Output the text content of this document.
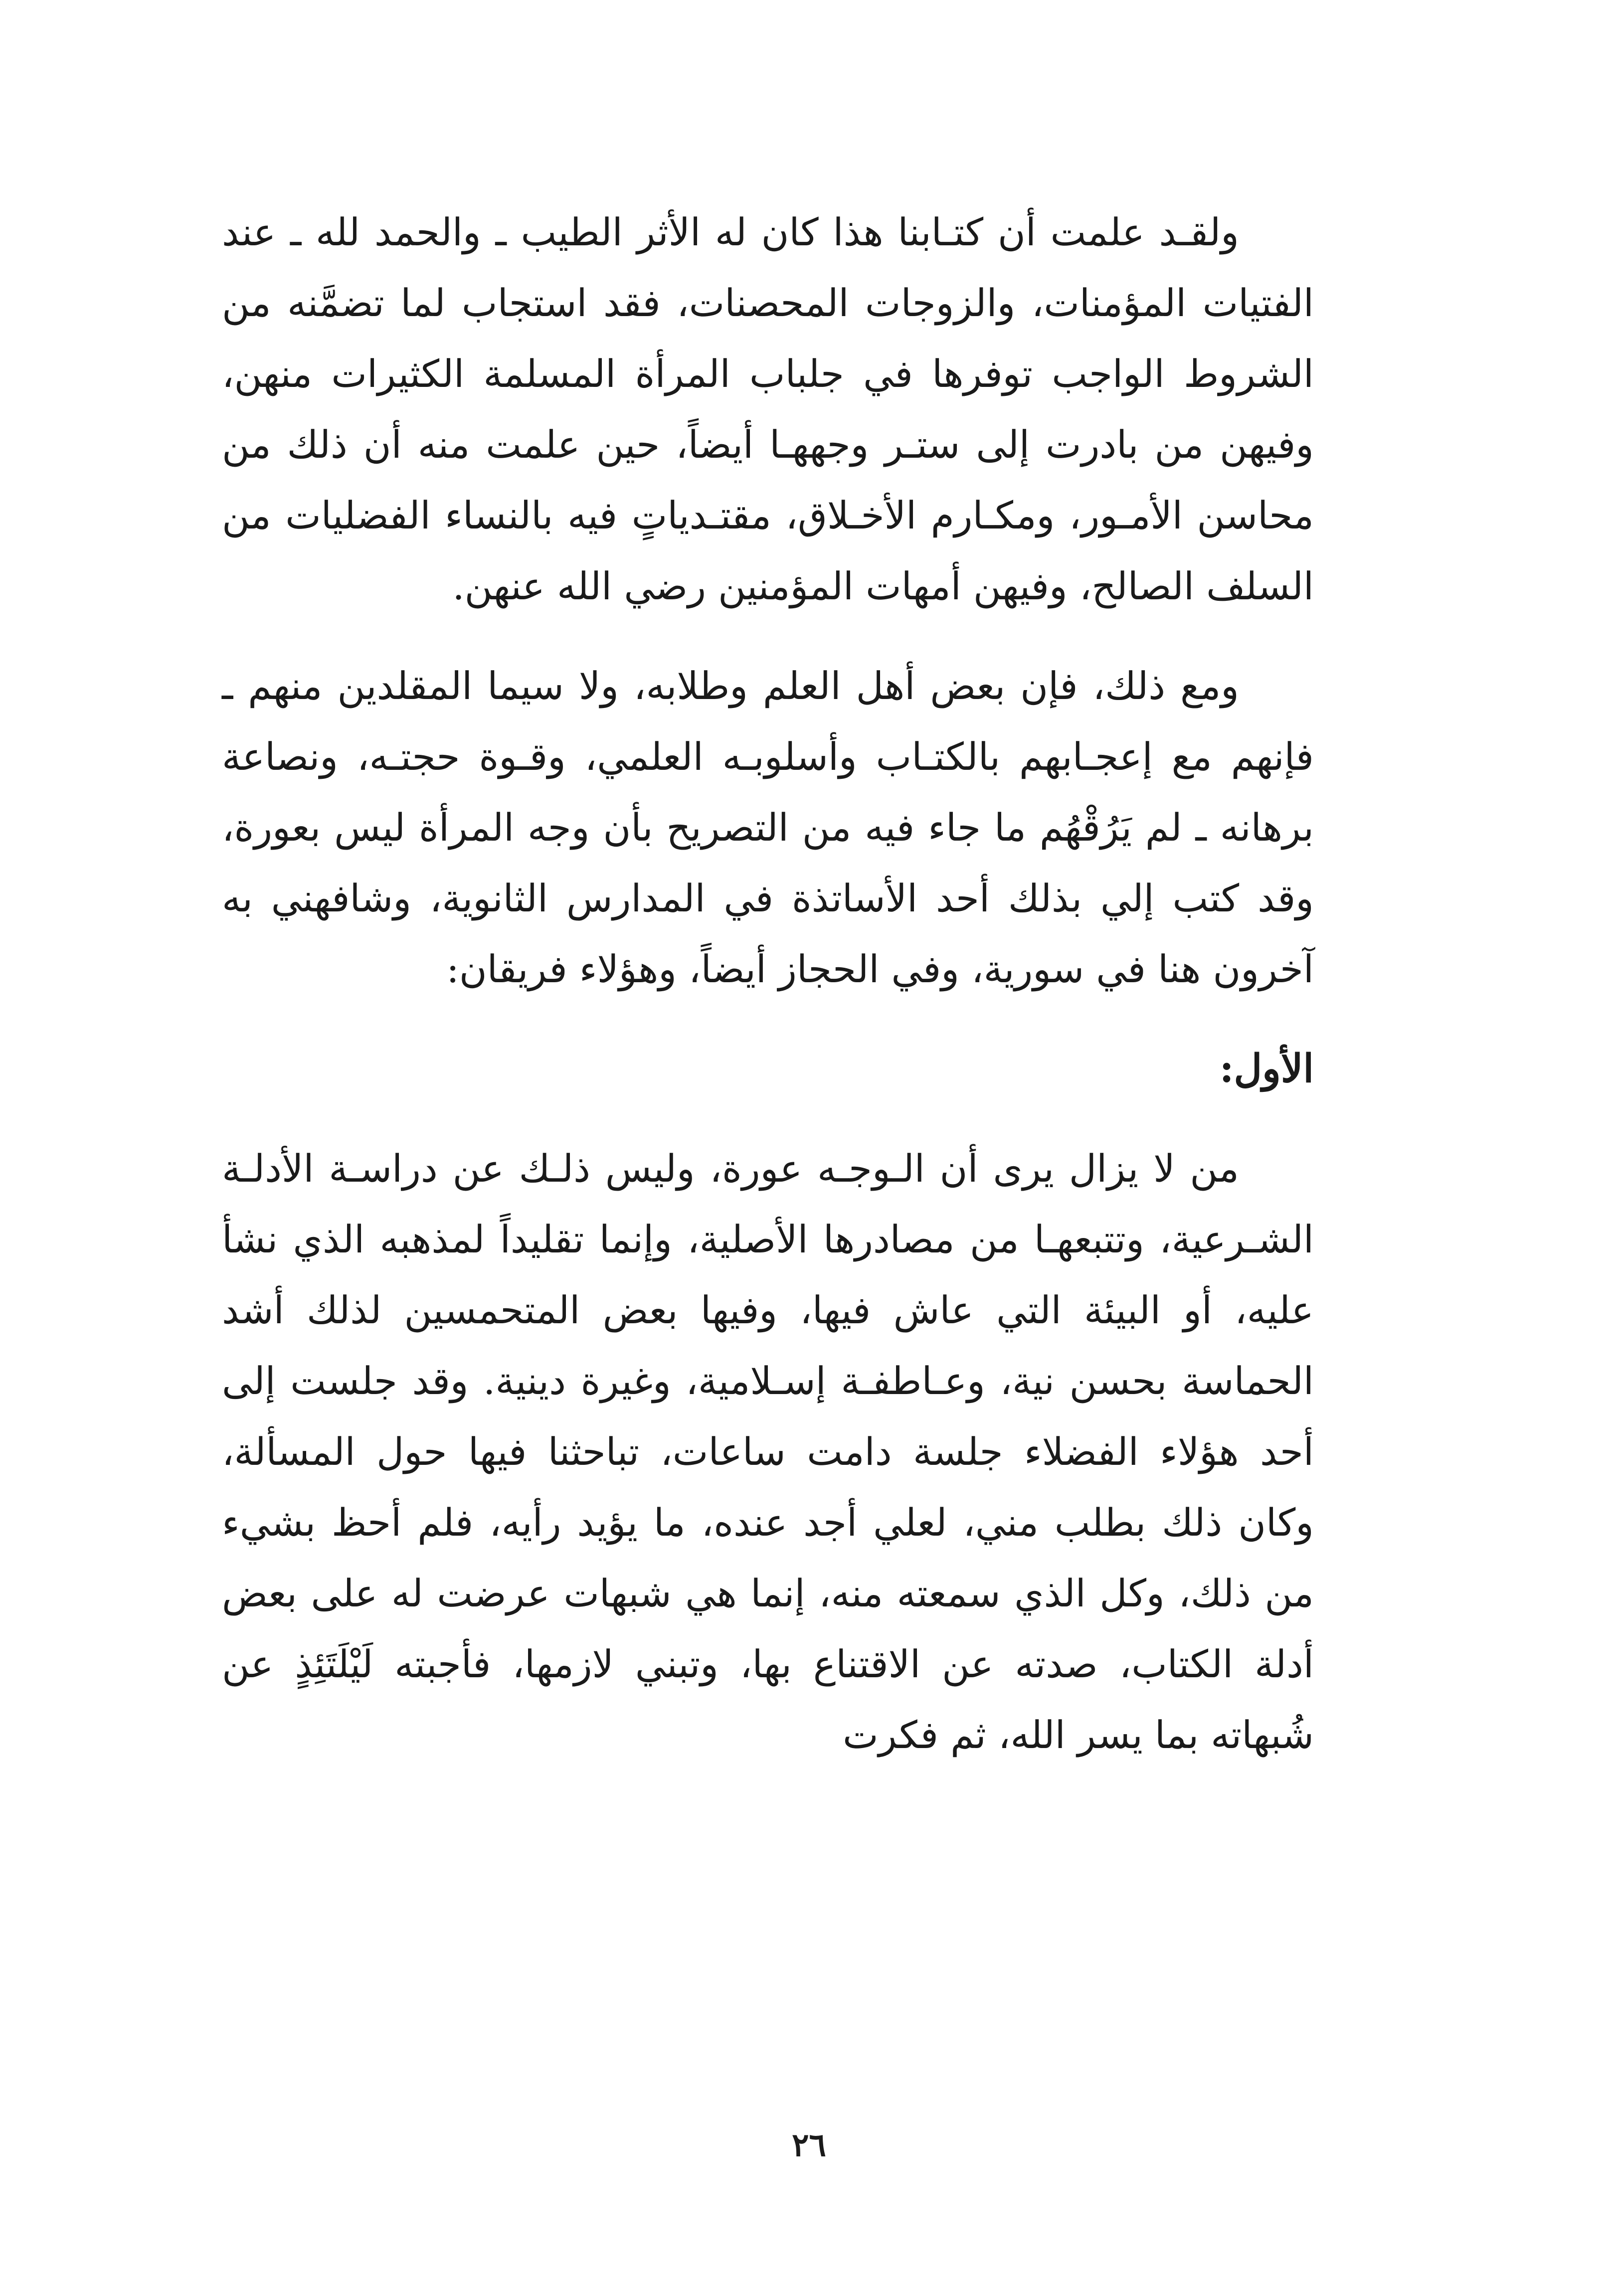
ولقـد علمت أن كتـابنا هذا كان له الأثر الطيب ـ والحمد لله ـ عند الفتيات المؤمنات، والزوجات المحصنات، فقد استجاب لما تضمَّنه من الشروط الواجب توفرها في جلباب المرأة المسلمة الكثيرات منهن، وفيهن من بادرت إلى ستـر وجههـا أيضاً، حين علمت منه أن ذلك من محاسن الأمـور، ومكـارم الأخـلاق، مقتـدياتٍ فيه بالنساء الفضليات من السلف الصالح، وفيهن أمهات المؤمنين رضي الله عنهن.

ومع ذلك، فإن بعض أهل العلم وطلابه، ولا سيما المقلدين منهم ـ فإنهم مع إعجـابهم بالكتـاب وأسلوبـه العلمي، وقـوة حجتـه، ونصاعة برهانه ـ لم يَرُقْهُم ما جاء فيه من التصريح بأن وجه المرأة ليس بعورة، وقد كتب إلي بذلك أحد الأساتذة في المدارس الثانوية، وشافهني به آخرون هنا في سورية، وفي الحجاز أيضاً، وهؤلاء فريقان:

الأول:

من لا يزال يرى أن الـوجـه عورة، وليس ذلـك عن دراسـة الأدلـة الشـرعية، وتتبعهـا من مصادرها الأصلية، وإنما تقليداً لمذهبه الذي نشأ عليه، أو البيئة التي عاش فيها، وفيها بعض المتحمسين لذلك أشد الحماسة بحسن نية، وعـاطفـة إسـلامية، وغيرة دينية. وقد جلست إلى أحد هؤلاء الفضلاء جلسة دامت ساعات، تباحثنا فيها حول المسألة، وكان ذلك بطلب مني، لعلي أجد عنده، ما يؤيد رأيه، فلم أحظ بشيء من ذلك، وكل الذي سمعته منه، إنما هي شبهات عرضت له على بعض أدلة الكتاب، صدته عن الاقتناع بها، وتبني لازمها، فأجبته لَيْلَتَئِذٍ عن شُبهاته بما يسر الله، ثم فكرت

٢٦
